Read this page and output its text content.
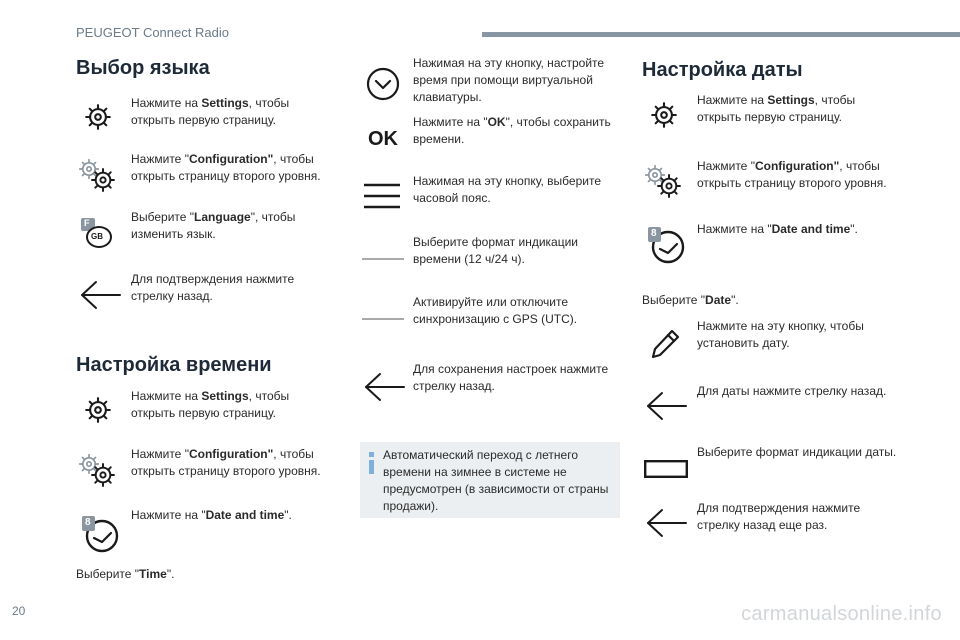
PEUGEOT Connect Radio
Выбор языка
Нажмите на Settings, чтобы открыть первую страницу.
Нажмите "Configuration", чтобы открыть страницу второго уровня.
F
GB
Выберите "Language", чтобы изменить язык.
Для подтверждения нажмите стрелку назад.
Настройка времени
Нажмите на Settings, чтобы открыть первую страницу.
Нажмите "Configuration", чтобы открыть страницу второго уровня.
8
Нажмите на "Date and time".
Выберите "Time".
Нажимая на эту кнопку, настройте время при помощи виртуальной клавиатуры.
OK
Нажмите на "OK", чтобы сохранить времени.
Нажимая на эту кнопку, выберите часовой пояс.
Выберите формат индикации времени (12 ч/24 ч).
Активируйте или отключите синхронизацию с GPS (UTC).
Для сохранения настроек нажмите стрелку назад.
Автоматический переход с летнего времени на зимнее в системе не предусмотрен (в зависимости от страны продажи).
Настройка даты
Нажмите на Settings, чтобы открыть первую страницу.
Нажмите "Configuration", чтобы открыть страницу второго уровня.
8	Нажмите на "Date and time".
Выберите "Date".
Нажмите на эту кнопку, чтобы установить дату.
Для даты нажмите стрелку назад.
Выберите формат индикации даты.
Для подтверждения нажмите стрелку назад еще раз.
20	carmanualsonline.info
